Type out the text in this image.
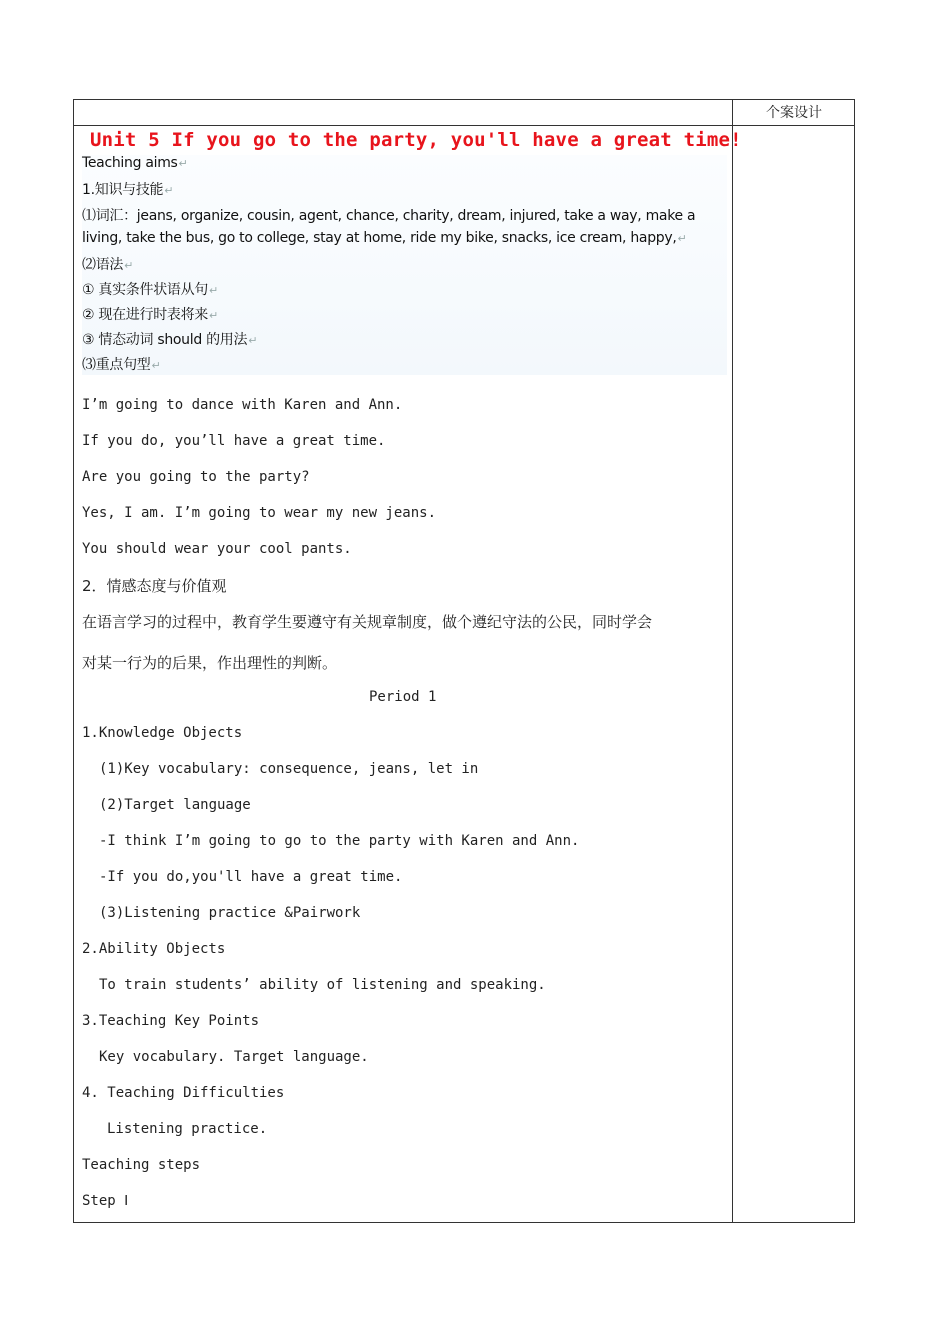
个案设计
Unit 5 If you go to the party, you'll have a great time!
Teaching aims↵
1.知识与技能↵
⑴词汇：jeans, organize, cousin, agent, chance, charity, dream, injured, take a way, make a
living, take the bus, go to college, stay at home, ride my bike, snacks, ice cream, happy,↵
⑵语法↵
① 真实条件状语从句↵
② 现在进行时表将来↵
③ 情态动词 should 的用法↵
⑶重点句型↵
I’m going to dance with Karen and Ann.
If you do, you’ll have a great time.
Are you going to the party?
Yes, I am. I’m going to wear my new jeans.
You should wear your cool pants.
2．情感态度与价值观
在语言学习的过程中，教育学生要遵守有关规章制度，做个遵纪守法的公民，同时学会
对某一行为的后果，作出理性的判断。
Period 1
1.Knowledge Objects
(1)Key vocabulary: consequence, jeans, let in
(2)Target language
-I think I’m going to go to the party with Karen and Ann.
-If you do,you'll have a great time.
(3)Listening practice &Pairwork
2.Ability Objects
To train students’ ability of listening and speaking.
3.Teaching Key Points
Key vocabulary. Target language.
4. Teaching Difficulties
Listening practice.
Teaching steps
Step Ⅰ
